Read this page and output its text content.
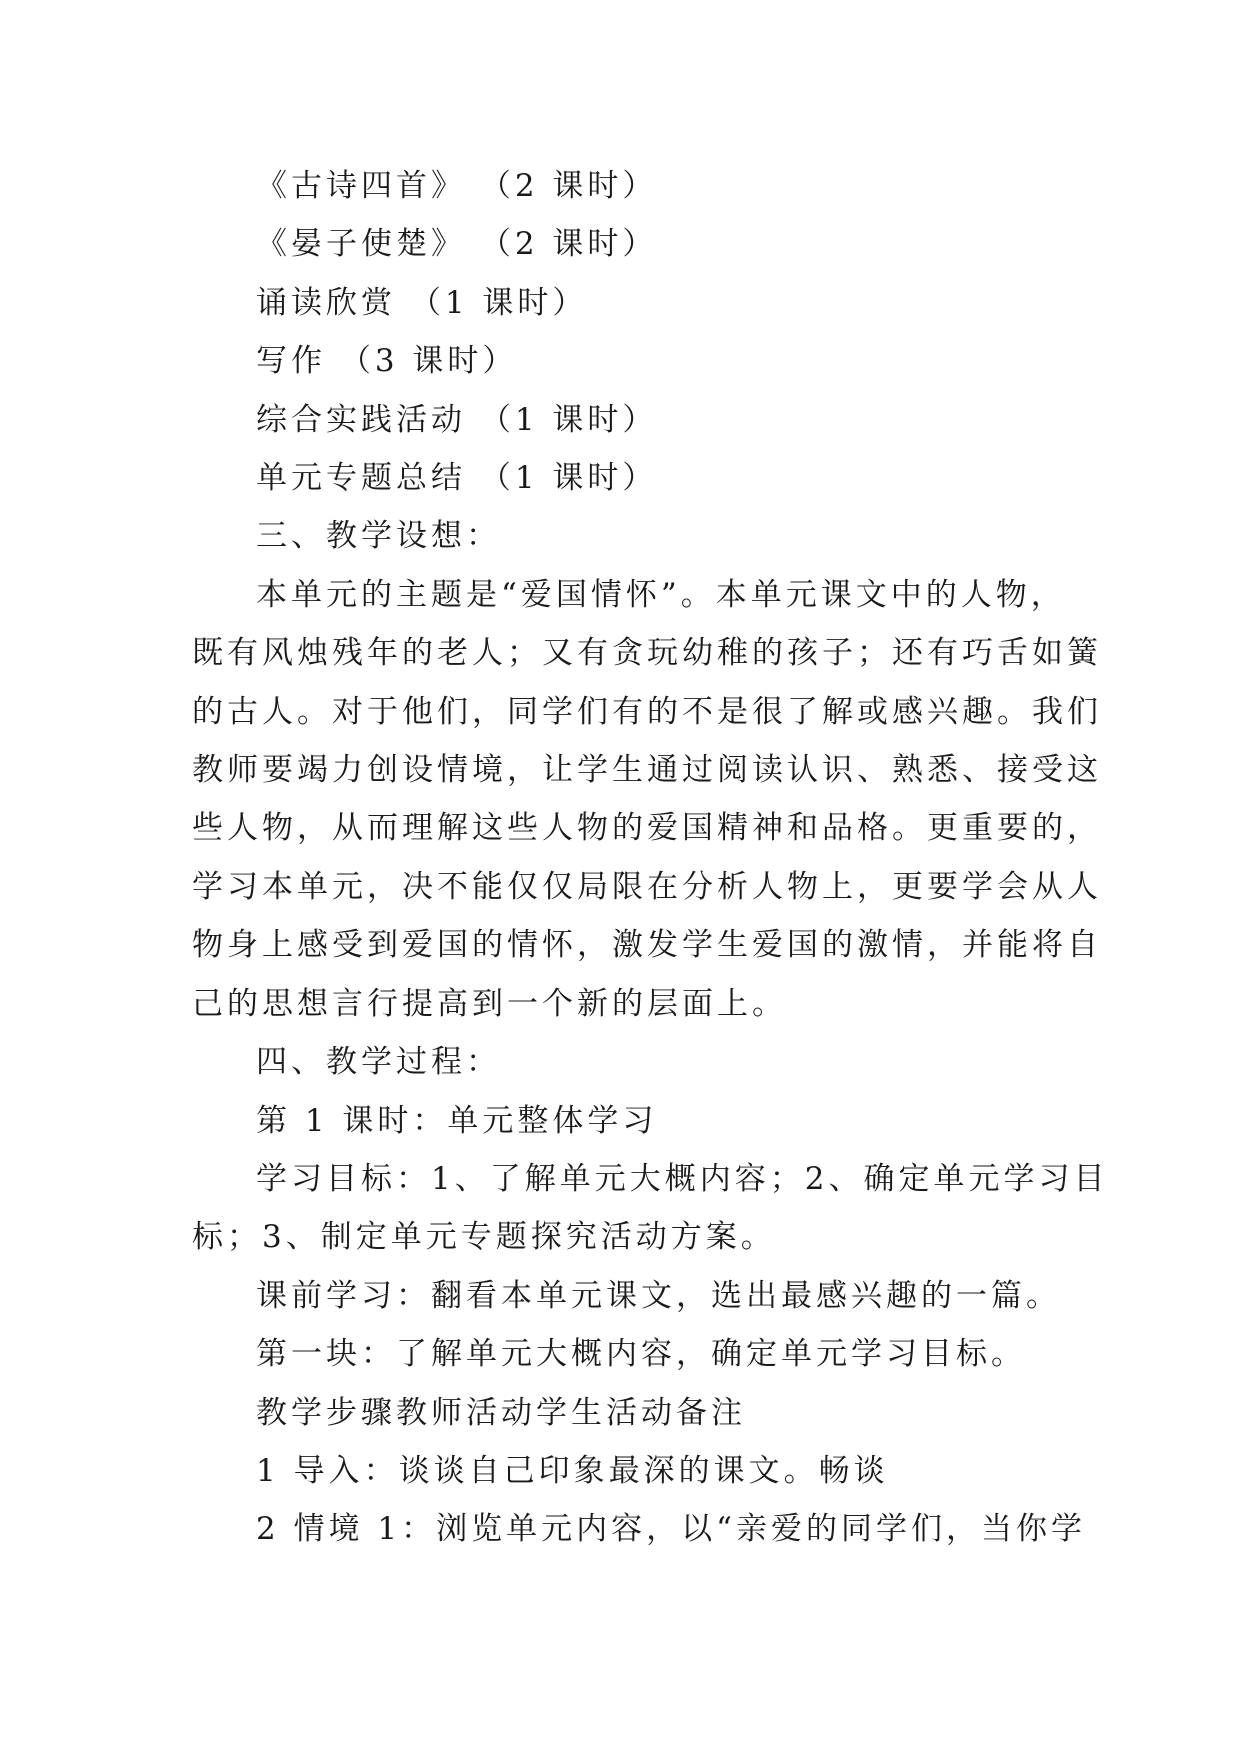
《古诗四首》 （2 课时）

《晏子使楚》 （2 课时）

诵读欣赏 （1 课时）

写作 （3 课时）

综合实践活动 （1 课时）

单元专题总结 （1 课时）

三、教学设想：

本单元的主题是“爱国情怀”。本单元课文中的人物，
既有风烛残年的老人；又有贪玩幼稚的孩子；还有巧舌如簧
的古人。对于他们，同学们有的不是很了解或感兴趣。我们
教师要竭力创设情境，让学生通过阅读认识、熟悉、接受这
些人物，从而理解这些人物的爱国精神和品格。更重要的，
学习本单元，决不能仅仅局限在分析人物上，更要学会从人
物身上感受到爱国的情怀，激发学生爱国的激情，并能将自
己的思想言行提高到一个新的层面上。

四、教学过程：

第 1 课时：单元整体学习

学习目标：1、了解单元大概内容；2、确定单元学习目
标；3、制定单元专题探究活动方案。

课前学习：翻看本单元课文，选出最感兴趣的一篇。

第一块：了解单元大概内容，确定单元学习目标。

教学步骤教师活动学生活动备注

1 导入：谈谈自己印象最深的课文。畅谈

2 情境 1：浏览单元内容，以“亲爱的同学们，当你学
